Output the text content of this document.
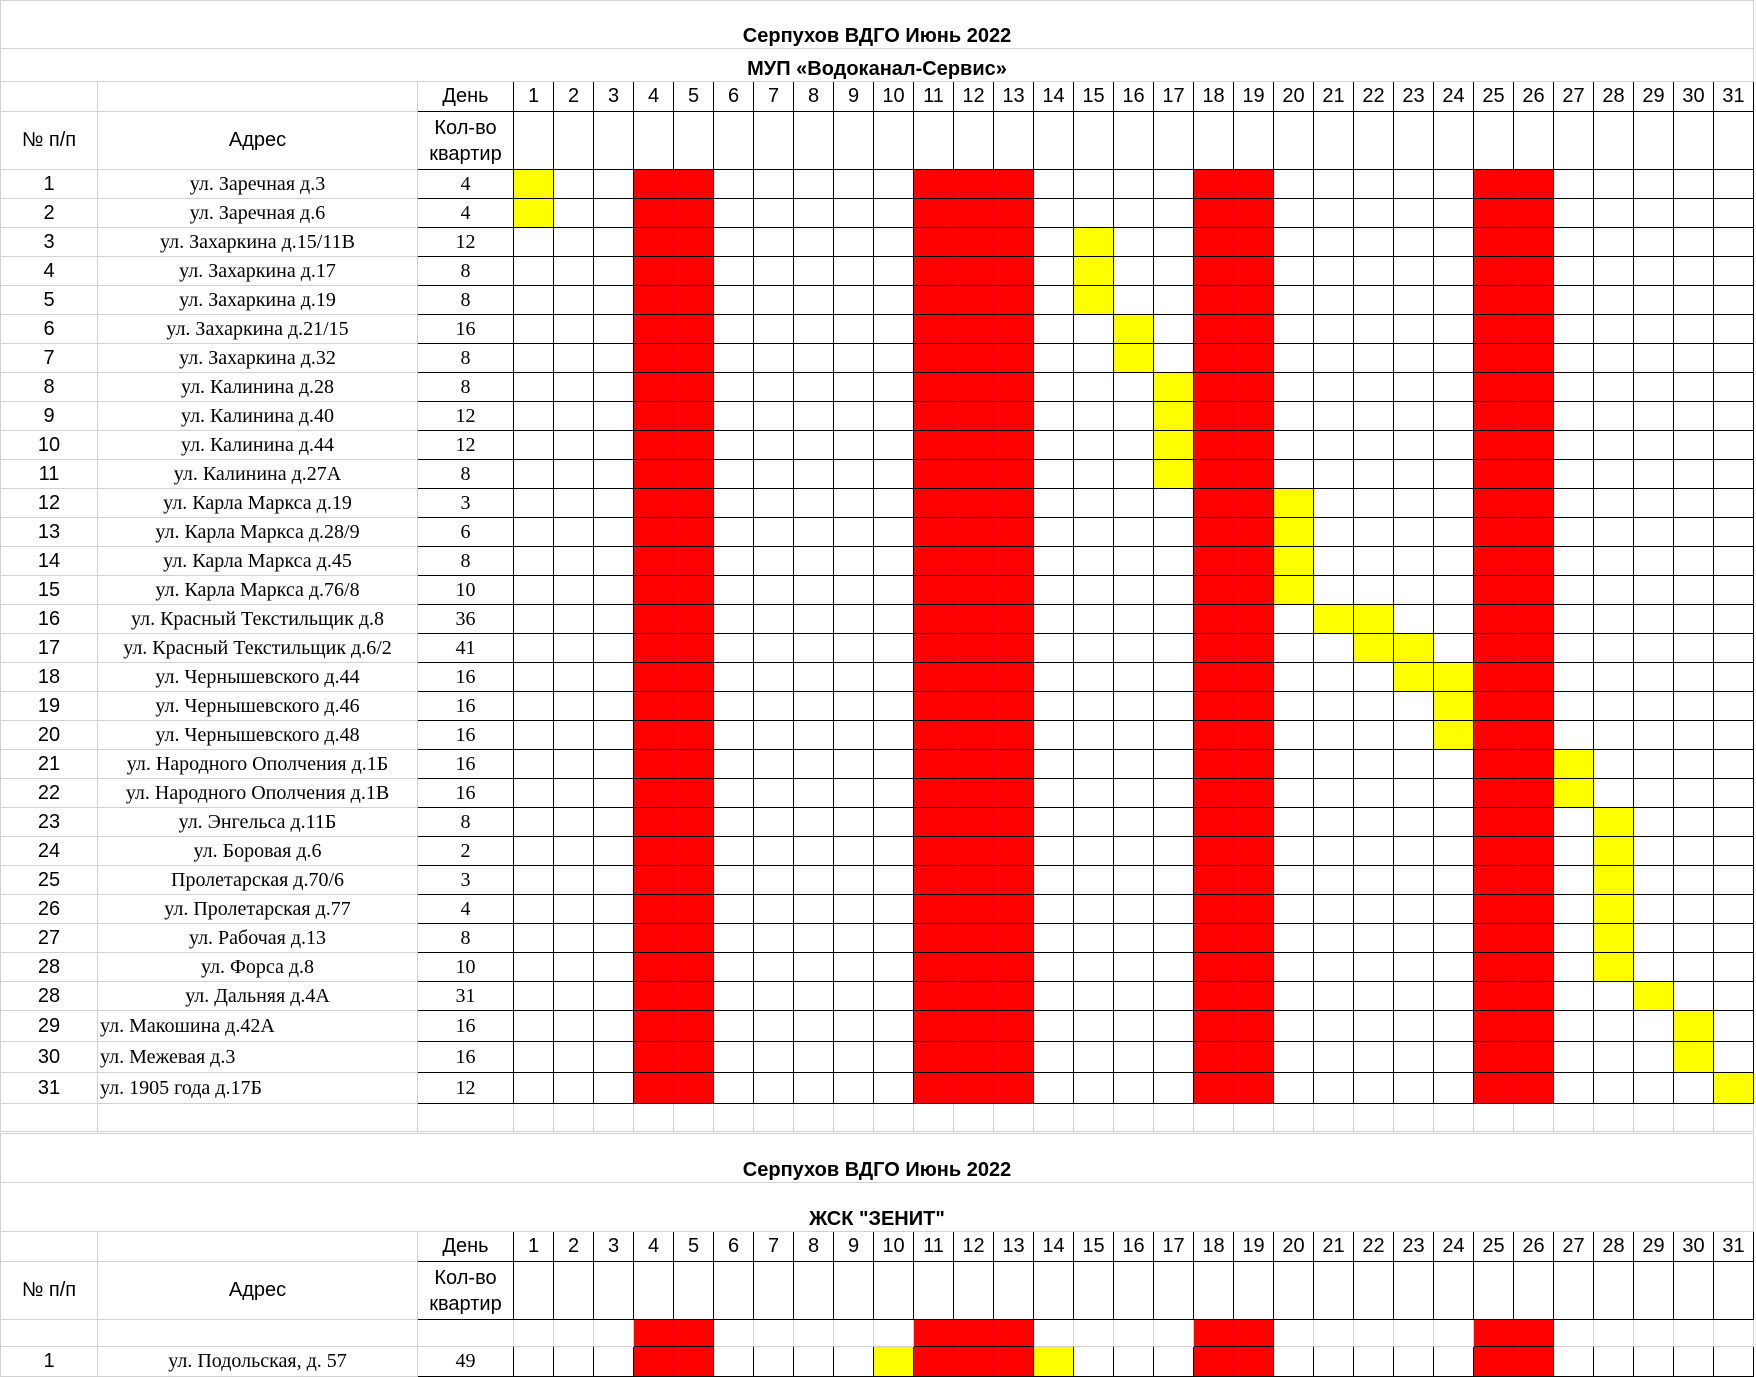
Серпухов ВДГО Июнь 2022																																	
МУП «Водоканал-Сервис»																																	
		День	1	2	3	4	5	6	7	8	9	10	11	12	13	14	15	16	17	18	19	20	21	22	23	24	25	26	27	28	29	30	31
№ п/п	Адрес	Кол-во квартир																															
1	ул. Заречная д.3	4																															
2	ул. Заречная д.6	4																															
3	ул. Захаркина д.15/11В	12																															
4	ул. Захаркина д.17	8																															
5	ул. Захаркина д.19	8																															
6	ул. Захаркина д.21/15	16																															
7	ул. Захаркина д.32	8																															
8	ул. Калинина д.28	8																															
9	ул. Калинина д.40	12																															
10	ул. Калинина д.44	12																															
11	ул. Калинина д.27А	8																															
12	ул. Карла Маркса д.19	3																															
13	ул. Карла Маркса д.28/9	6																															
14	ул. Карла Маркса д.45	8																															
15	ул. Карла Маркса д.76/8	10																															
16	ул. Красный Текстильщик д.8	36																															
17	ул. Красный Текстильщик д.6/2	41																															
18	ул. Чернышевского д.44	16																															
19	ул. Чернышевского д.46	16																															
20	ул. Чернышевского д.48	16																															
21	ул. Народного Ополчения д.1Б	16																															
22	ул. Народного Ополчения д.1В	16																															
23	ул. Энгельса д.11Б	8																															
24	ул. Боровая д.6	2																															
25	Пролетарская д.70/6	3																															
26	ул. Пролетарская д.77	4																															
27	ул. Рабочая д.13	8																															
28	ул. Форса д.8	10																															
28	ул. Дальняя д.4А	31																															
29	ул. Макошина д.42А	16																															
30	ул. Межевая д.3	16																															
31	ул. 1905 года д.17Б	12																															

Серпухов ВДГО Июнь 2022																																	
ЖСК "ЗЕНИТ"																																	
		День	1	2	3	4	5	6	7	8	9	10	11	12	13	14	15	16	17	18	19	20	21	22	23	24	25	26	27	28	29	30	31
№ п/п	Адрес	Кол-во квартир																															

1	ул. Подольская, д. 57	49																															
